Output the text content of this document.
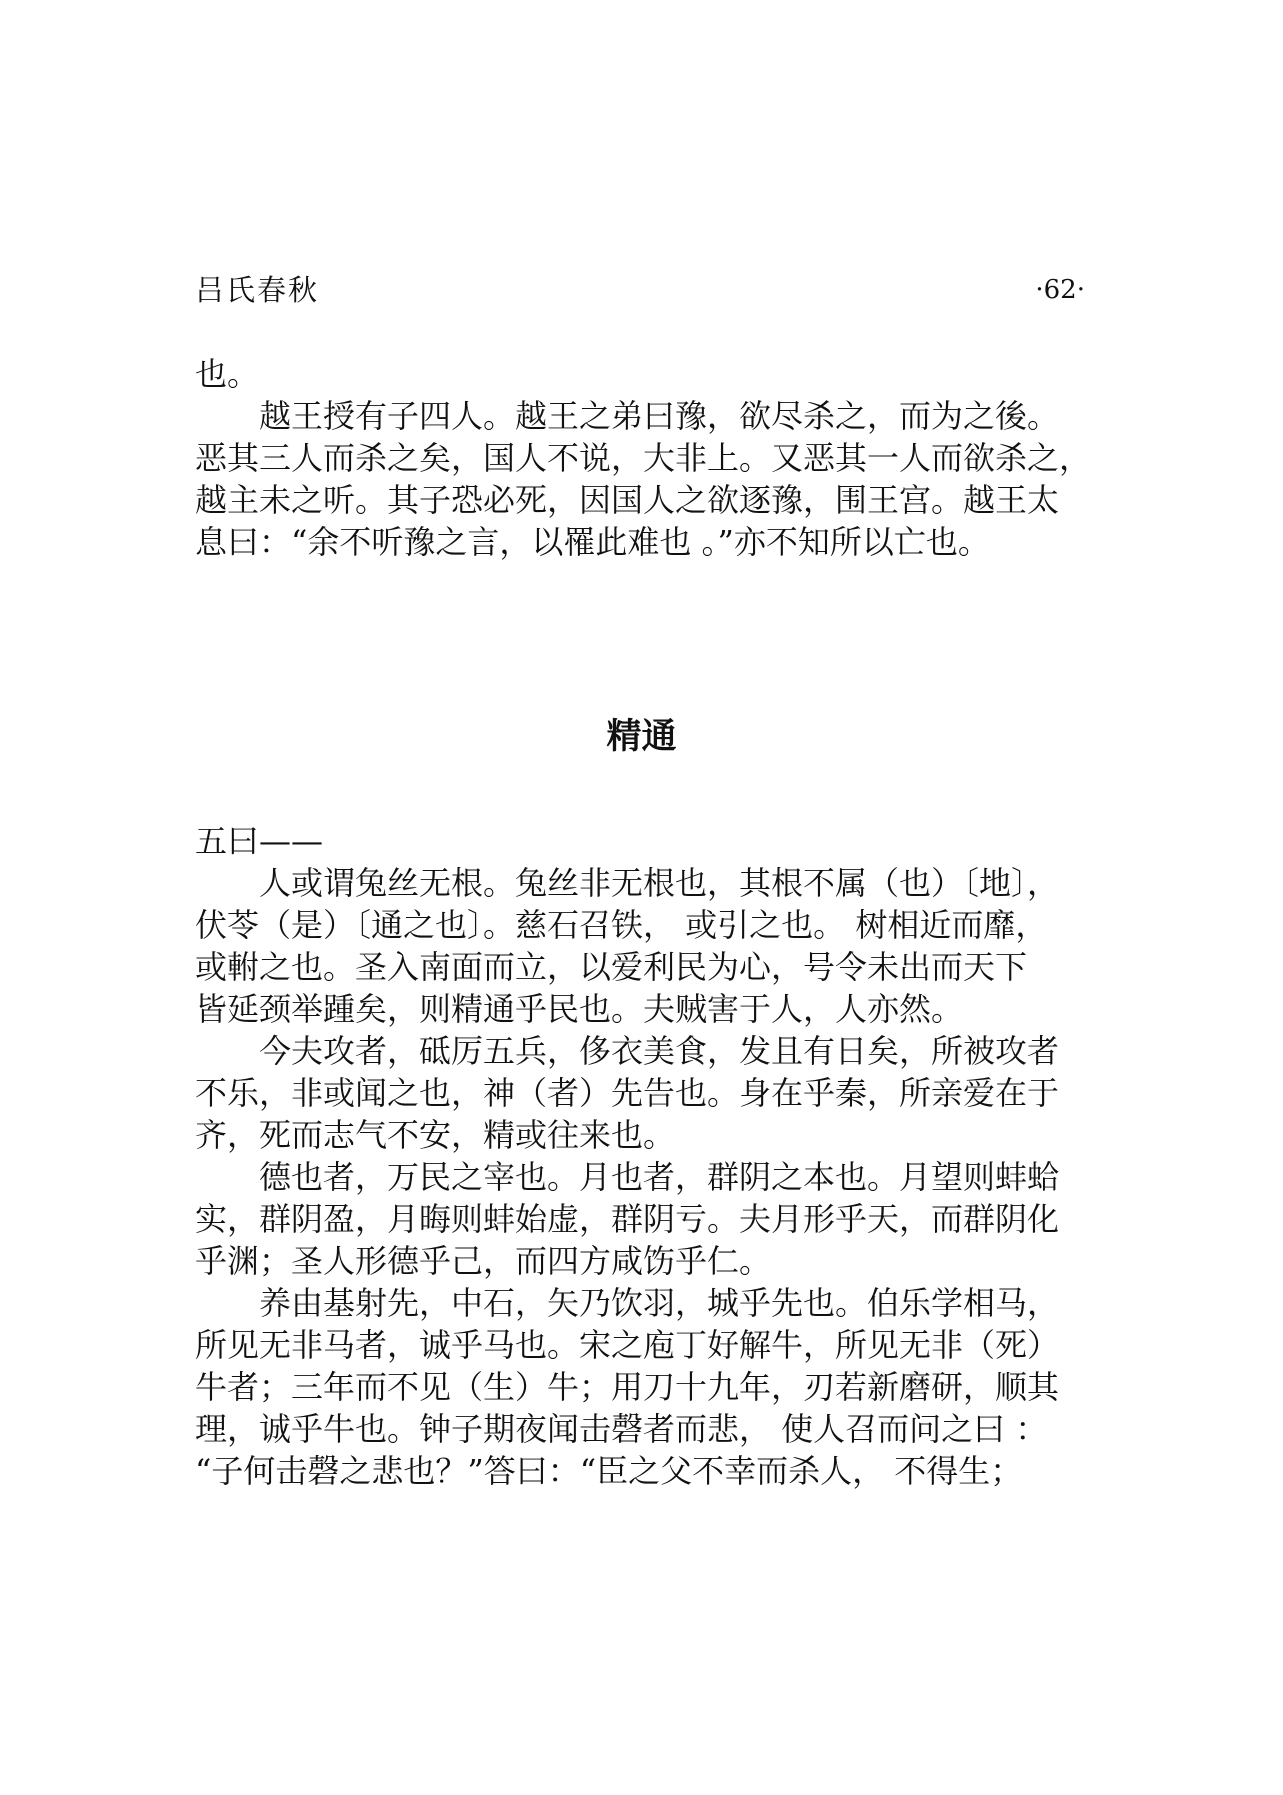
吕氏春秋	·62·

也。

越王授有子四人。越王之弟曰豫，欲尽杀之，而为之後。

恶其三人而杀之矣，国人不说，大非上。又恶其一人而欲杀之，

越主未之听。其子恐必死，因国人之欲逐豫，围王宫。越王太

息曰：“余不听豫之言，以罹此难也 。”亦不知所以亡也。

精通

五曰——

人或谓兔丝无根。兔丝非无根也，其根不属（也）〔地〕，

伏苓（是）〔通之也〕。慈石召铁， 或引之也。 树相近而靡，

或軵之也。圣入南面而立，以爱利民为心，号令未出而天下

皆延颈举踵矣，则精通乎民也。夫贼害于人，人亦然。

今夫攻者，砥厉五兵，侈衣美食，发且有日矣，所被攻者

不乐，非或闻之也，神（者）先告也。身在乎秦，所亲爱在于

齐，死而志气不安，精或往来也。

德也者，万民之宰也。月也者，群阴之本也。月望则蚌蛤

实，群阴盈，月晦则蚌始虚，群阴亏。夫月形乎天，而群阴化

乎渊；圣人形德乎己，而四方咸饬乎仁。

养由基射先，中石，矢乃饮羽，城乎先也。伯乐学相马，

所见无非马者，诚乎马也。宋之庖丁好解牛，所见无非（死）

牛者；三年而不见（生）牛；用刀十九年，刃若新磨研，顺其

理，诚乎牛也。钟子期夜闻击磬者而悲， 使人召而问之曰 ：

“子何击磬之悲也？”答曰：“臣之父不幸而杀人， 不得生；
